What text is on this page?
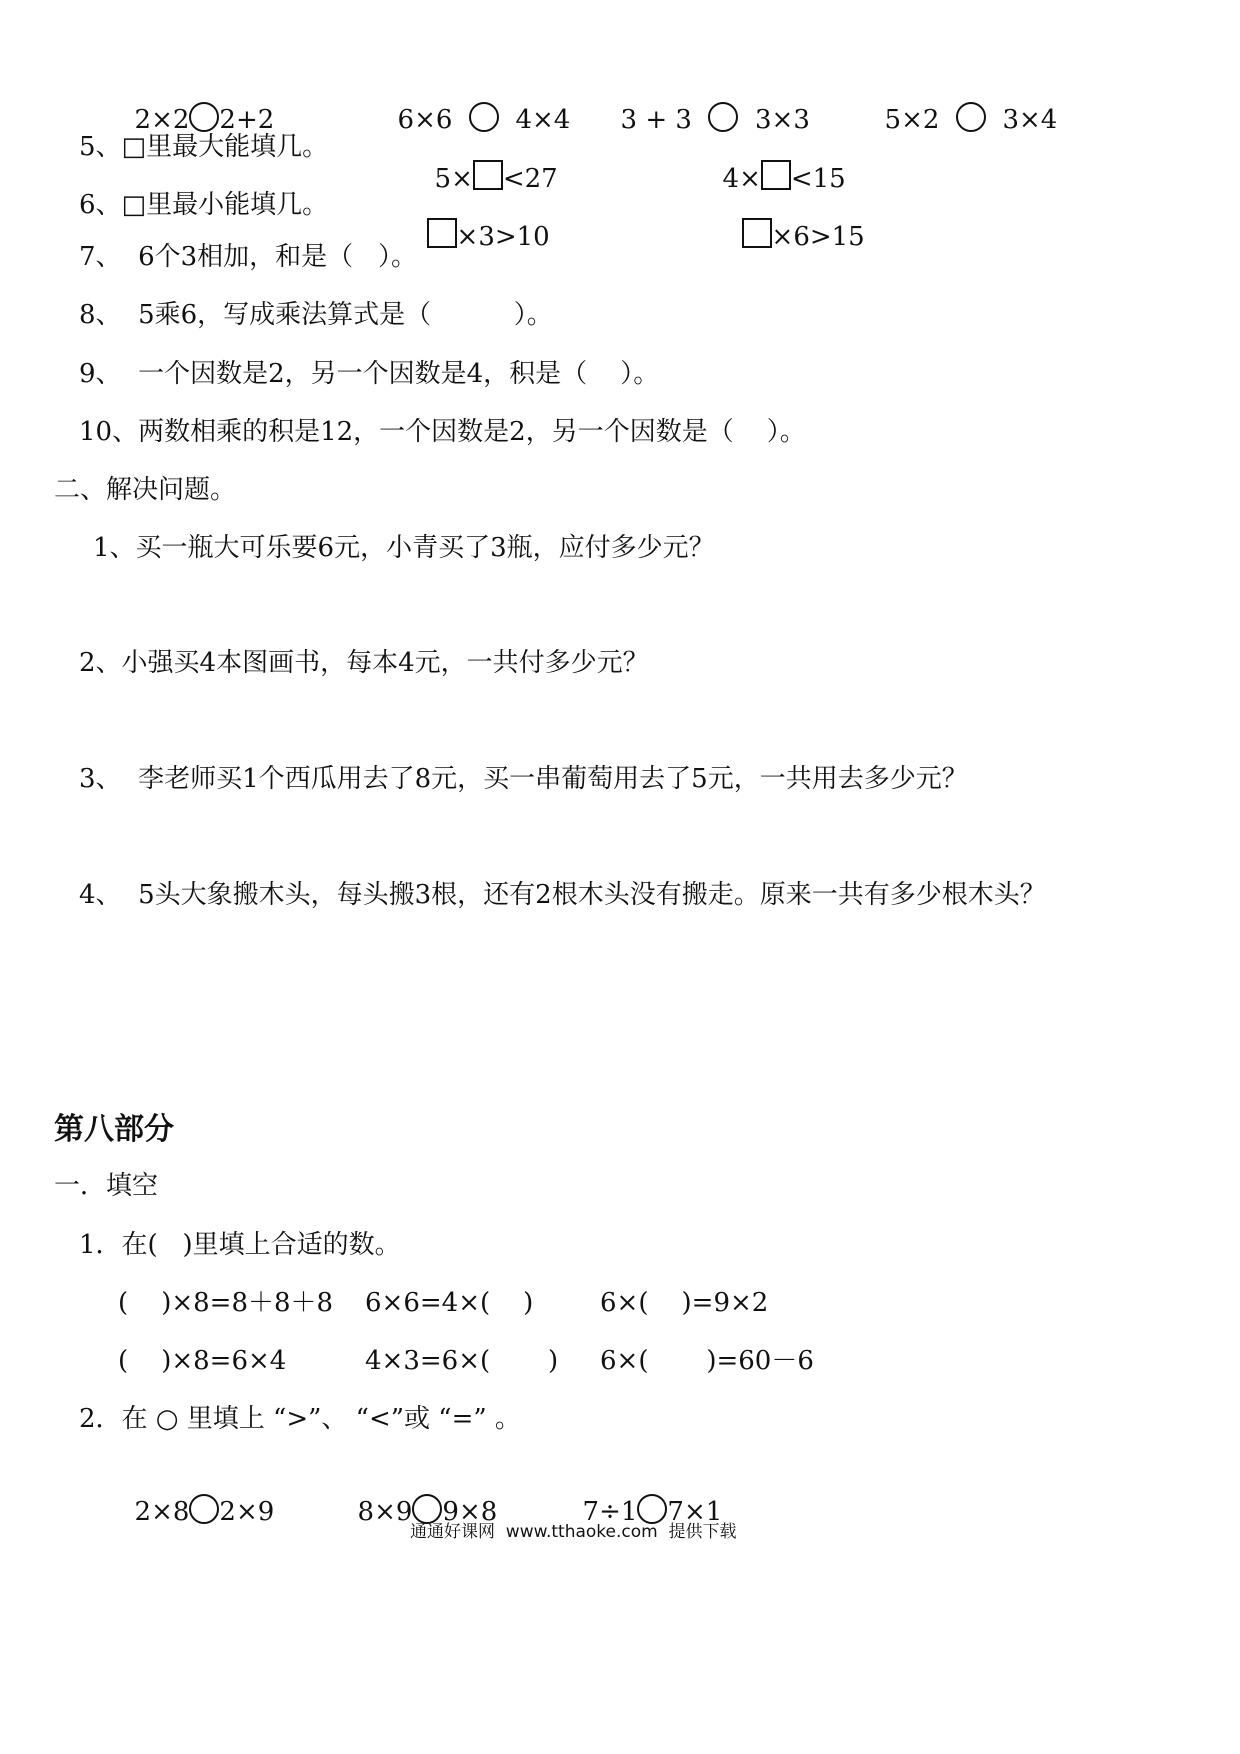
2×2 2+2	6×6 4×4	3 + 3 3×3	5×2 3×4

5、□里最大能填几。

5× <27	4× <15

6、□里最小能填几。

×3>10	×6>15

7、  6个3相加，和是（   ）。
8、  5乘6，写成乘法算式是（          ）。
9、  一个因数是2，另一个因数是4，积是（    ）。
10、两数相乘的积是12，一个因数是2，另一个因数是（    ）。
二、解决问题。
1、买一瓶大可乐要6元，小青买了3瓶，应付多少元？
2、小强买4本图画书，每本4元，一共付多少元？
3、  李老师买1个西瓜用去了8元，买一串葡萄用去了5元，一共用去多少元？
4、  5头大象搬木头，每头搬3根，还有2根木头没有搬走。原来一共有多少根木头？
第八部分
一．填空
1．在(   )里填上合适的数。
(    )×8=8＋8＋8 6×6=4×(    )	6×(    )=9×2
(    )×8=6×4	4×3=6×(       ) 6×(       )=60－6
2．在 ○ 里填上 “>”、 “<”或 “=” 。

2×8 2×9	8×9 9×8	7÷1 7×1

通通好课网  www.tthaoke.com  提供下载
